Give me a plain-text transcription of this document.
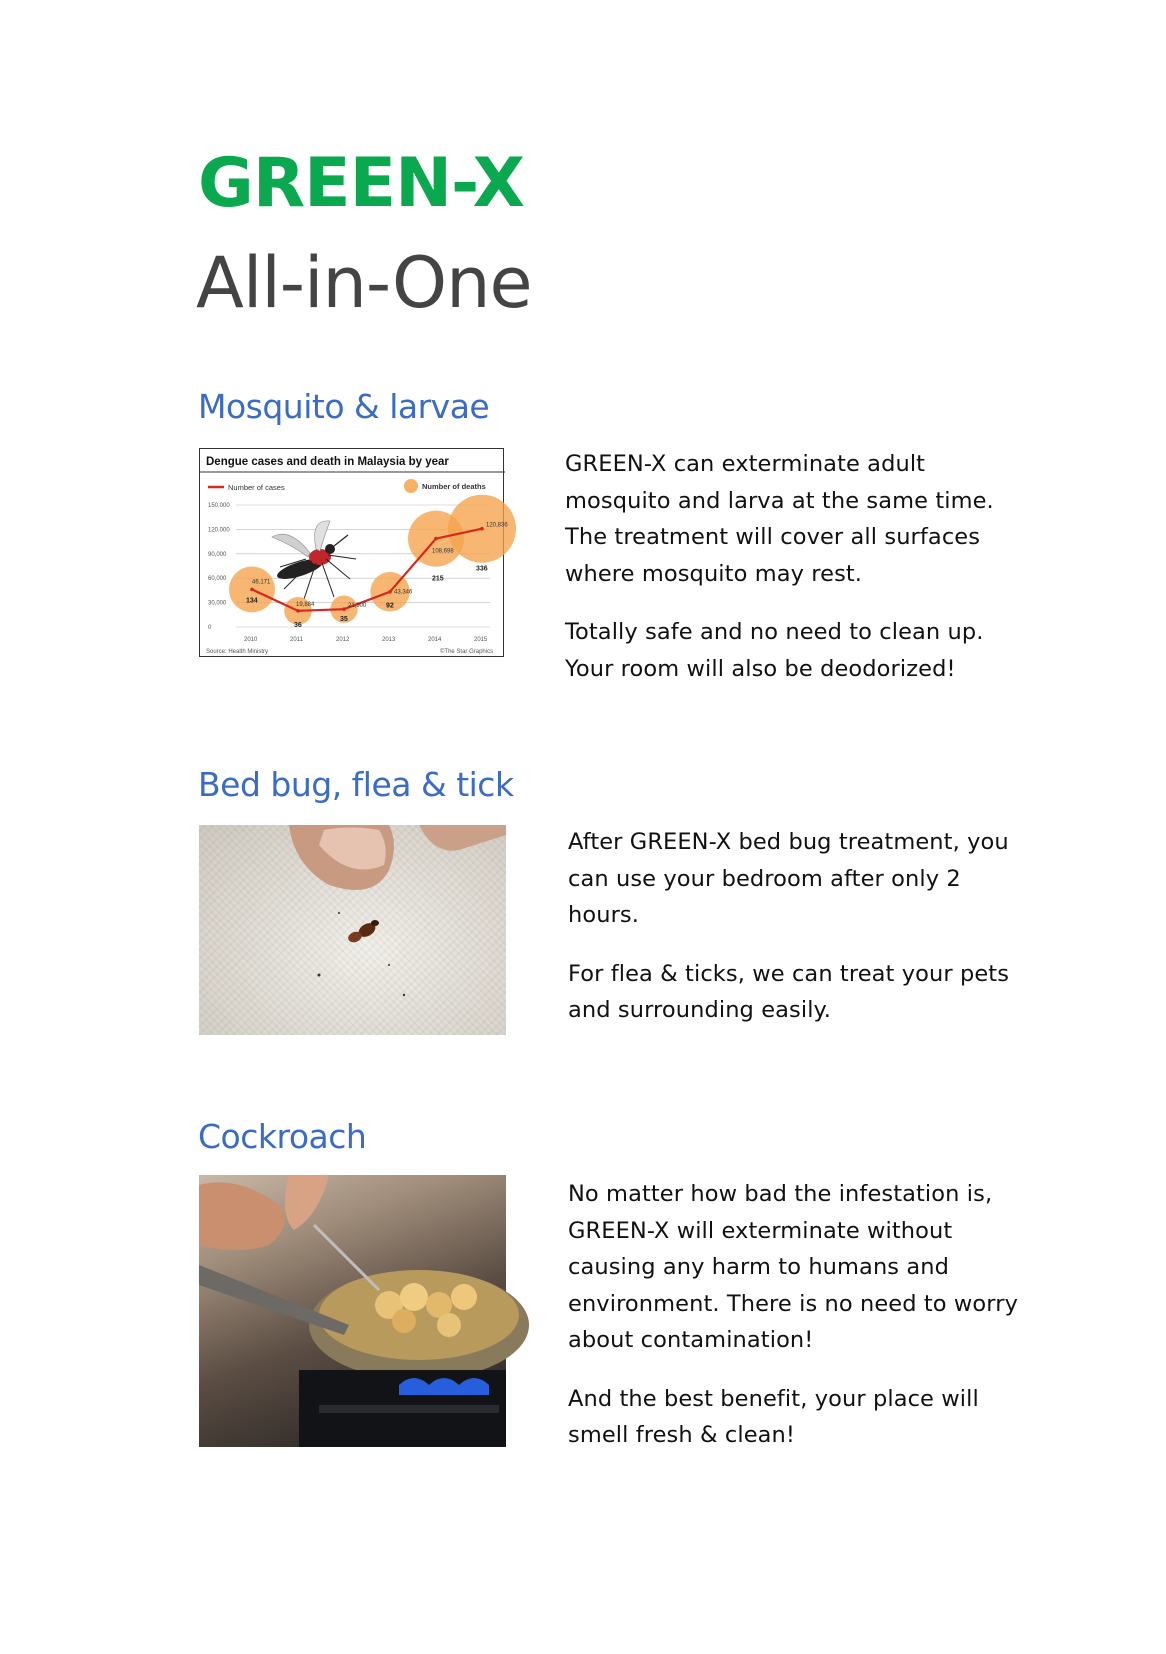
GREEN-X
All-in-One
Mosquito & larvae
Dengue cases and death in Malaysia by year
Number of cases	Number of deaths
150,000
120,000
90,000
60,000
30,000
0
2010	2011	2012	2013	2014	2015
46,171
19,884	21,900
43,346
108,698
120,836
134
36
35
92
215
336
Source: Health Ministry	©The Star Graphics

GREEN-X can exterminate adult mosquito and larva at the same time. The treatment will cover all surfaces where mosquito may rest.

Totally safe and no need to clean up. Your room will also be deodorized!

Bed bug, flea & tick

After GREEN-X bed bug treatment, you can use your bedroom after only 2 hours.

For flea & ticks, we can treat your pets and surrounding easily.

Cockroach

No matter how bad the infestation is, GREEN-X will exterminate without causing any harm to humans and environment. There is no need to worry about contamination!

And the best benefit, your place will smell fresh & clean!
